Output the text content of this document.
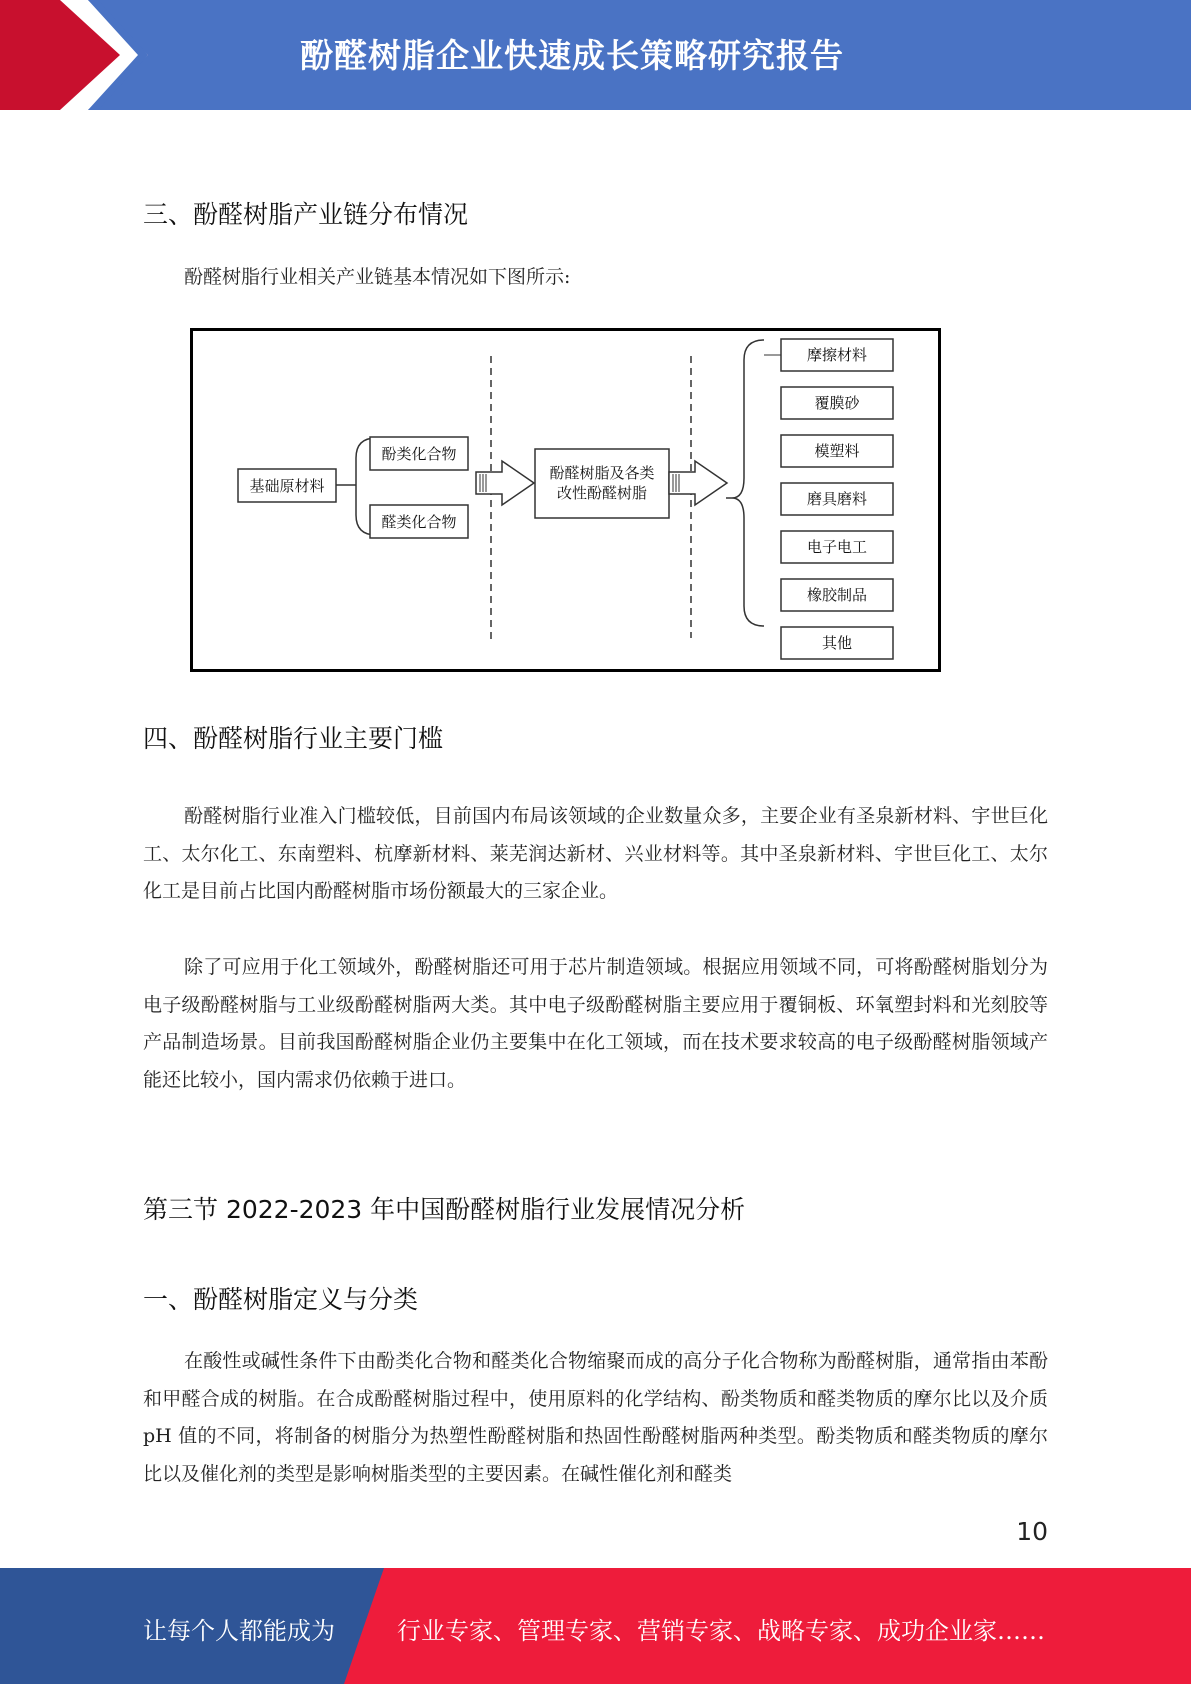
酚醛树脂企业快速成长策略研究报告
三、酚醛树脂产业链分布情况
酚醛树脂行业相关产业链基本情况如下图所示:
基础原材料
酚类化合物
醛类化合物
酚醛树脂及各类
改性酚醛树脂
摩擦材料
覆膜砂
模塑料
磨具磨料
电子电工
橡胶制品
其他
四、酚醛树脂行业主要门槛
酚醛树脂行业准入门槛较低，目前国内布局该领域的企业数量众多，主要企业有圣泉新材料、宇世巨化工、太尔化工、东南塑料、杭摩新材料、莱芜润达新材、兴业材料等。其中圣泉新材料、宇世巨化工、太尔化工是目前占比国内酚醛树脂市场份额最大的三家企业。
除了可应用于化工领域外，酚醛树脂还可用于芯片制造领域。根据应用领域不同，可将酚醛树脂划分为电子级酚醛树脂与工业级酚醛树脂两大类。其中电子级酚醛树脂主要应用于覆铜板、环氧塑封料和光刻胶等产品制造场景。目前我国酚醛树脂企业仍主要集中在化工领域，而在技术要求较高的电子级酚醛树脂领域产能还比较小，国内需求仍依赖于进口。
第三节 2022-2023 年中国酚醛树脂行业发展情况分析
一、酚醛树脂定义与分类
在酸性或碱性条件下由酚类化合物和醛类化合物缩聚而成的高分子化合物称为酚醛树脂，通常指由苯酚和甲醛合成的树脂。在合成酚醛树脂过程中，使用原料的化学结构、酚类物质和醛类物质的摩尔比以及介质 pH 值的不同，将制备的树脂分为热塑性酚醛树脂和热固性酚醛树脂两种类型。酚类物质和醛类物质的摩尔比以及催化剂的类型是影响树脂类型的主要因素。在碱性催化剂和醛类
10
让每个人都能成为	行业专家、管理专家、营销专家、战略专家、成功企业家……
